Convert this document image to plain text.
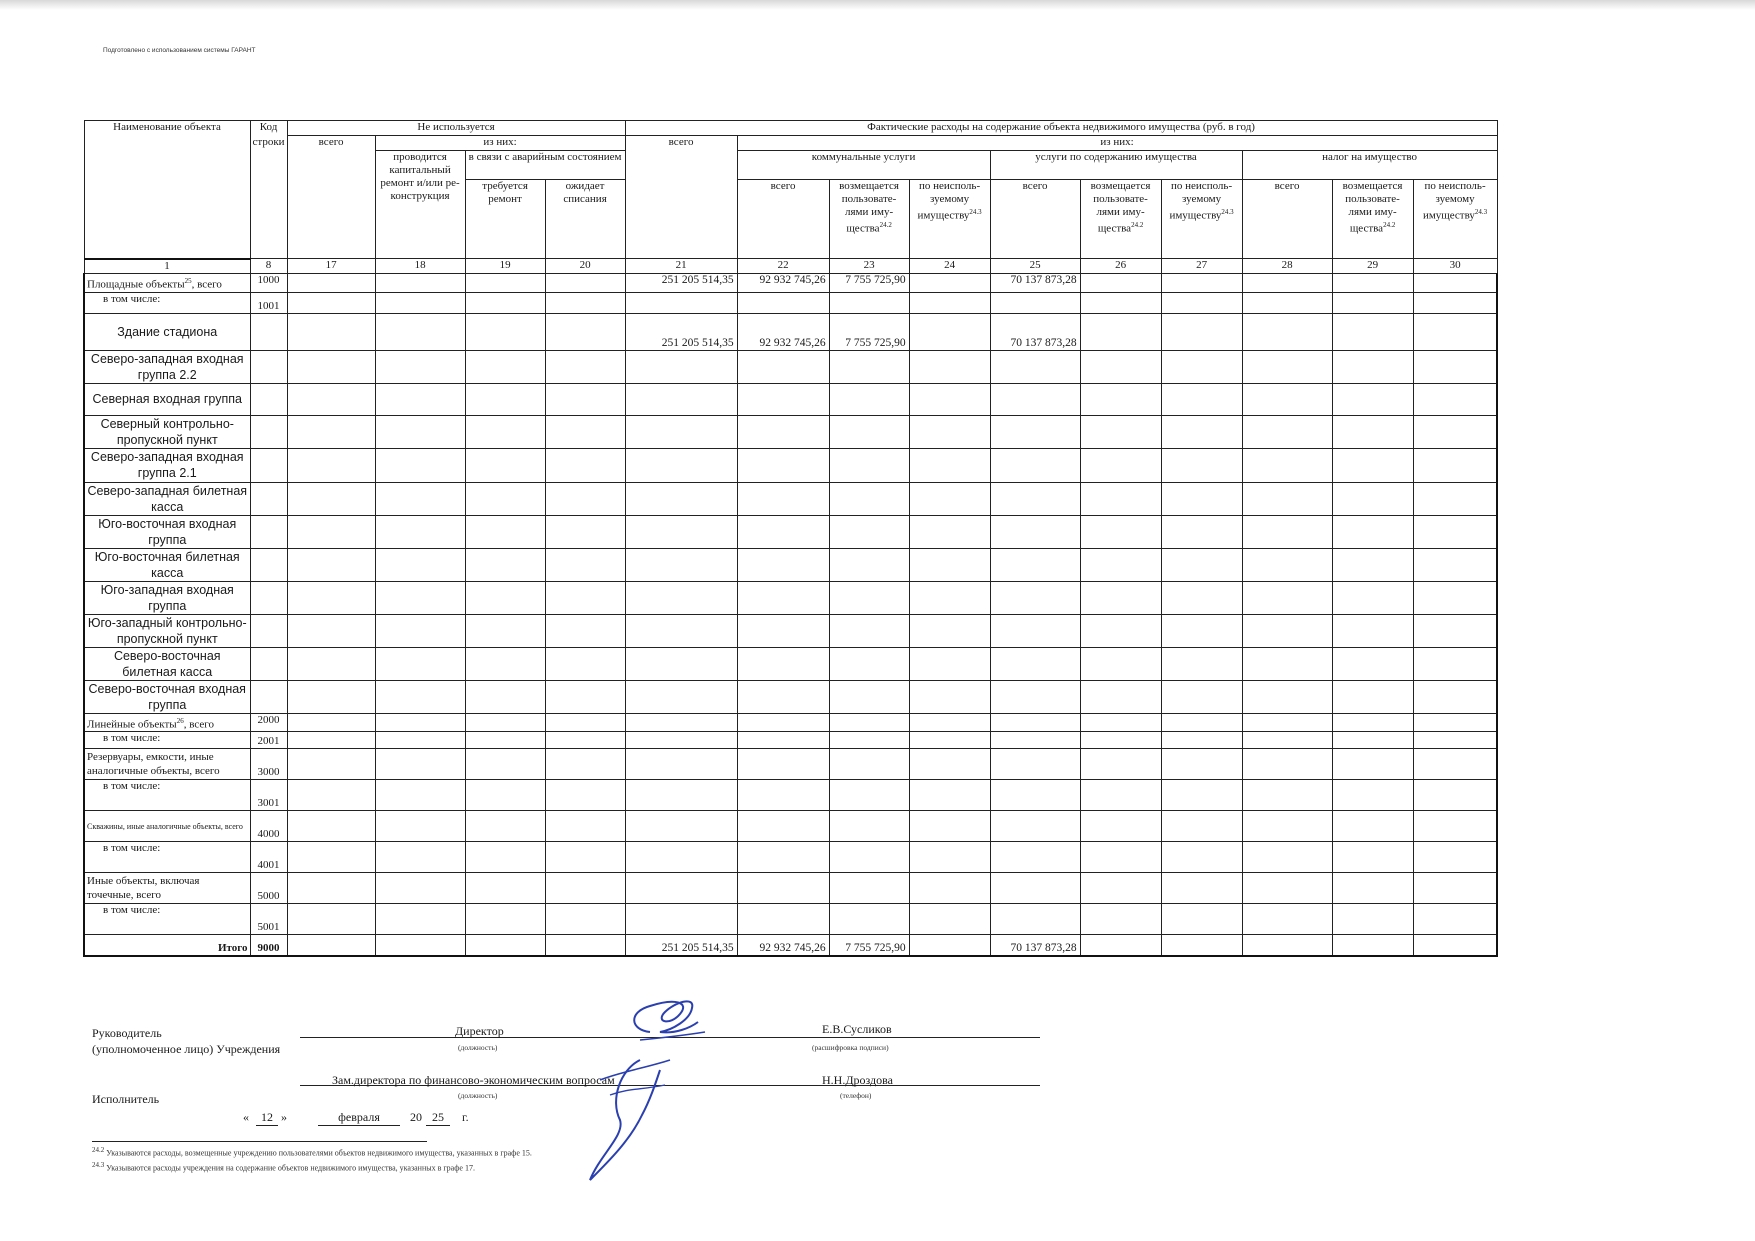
Подготовлено с использованием системы ГАРАНТ
Наименование объекта	Код	Не используется				Фактические расходы на содержание объекта недвижимого имущества (руб. в год)									
	строки	всего	из них:			всего	из них:								
			проводится капитальный ремонт и/или ре-конструкция	в связи с аварийным состоянием			коммунальные услуги			услуги по содержанию имущества			налог на имущество		
				требуется ремонт	ожидает списания		всего	возмещается пользовате-лями иму-щества$^{24.2}$	по неисполь-зуемому имуществу$^{24.3}$	всего	возмещается пользовате-лями иму-щества$^{24.2}$	по неисполь-зуемому имуществу$^{24.3}$	всего	возмещается пользовате-лями иму-щества$^{24.2}$	по неисполь-зуемому имуществу$^{24.3}$
1	8	17	18	19	20	21	22	23	24	25	26	27	28	29	30
Площадные объекты$^{25}$, всего	1000					251 205 514,35	92 932 745,26	7 755 725,90		70 137 873,28					
в том числе:	1001														
Здание стадиона						251 205 514,35	92 932 745,26	7 755 725,90		70 137 873,28					
Северо-западная входная группа 2.2															
Северная входная группа															
Северный контрольно-пропускной пункт															
Северо-западная входная группа 2.1															
Северо-западная билетная касса															
Юго-восточная входная группа															
Юго-восточная билетная касса															
Юго-западная входная группа															
Юго-западный контрольно-пропускной пункт															
Северо-восточная билетная касса															
Северо-восточная входная группа															
Линейные объекты$^{26}$, всего	2000														
в том числе:	2001														
Резервуары, емкости, иные аналогичные объекты, всего	3000														
в том числе:	3001														
Скважины, иные аналогичные объекты, всего	4000														
в том числе:	4001														
Иные объекты, включая точечные, всего	5000														
в том числе:	5001														
Итого	9000					251 205 514,35	92 932 745,26	7 755 725,90		70 137 873,28					
Руководитель
(уполномоченное лицо) Учреждения
Директор
(должность)
Е.В.Сусликов
(расшифровка подписи)
Исполнитель
Зам.директора по финансово-экономическим вопросам
(должность)
Н.Н.Дроздова
(телефон)
«	12 »	февраля	20 25	г.
$^{24.2}$ Указываются расходы, возмещенные учреждению пользователями объектов недвижимого имущества, указанных в графе 15.
$^{24.3}$ Указываются расходы учреждения на содержание объектов недвижимого имущества, указанных в графе 17.
